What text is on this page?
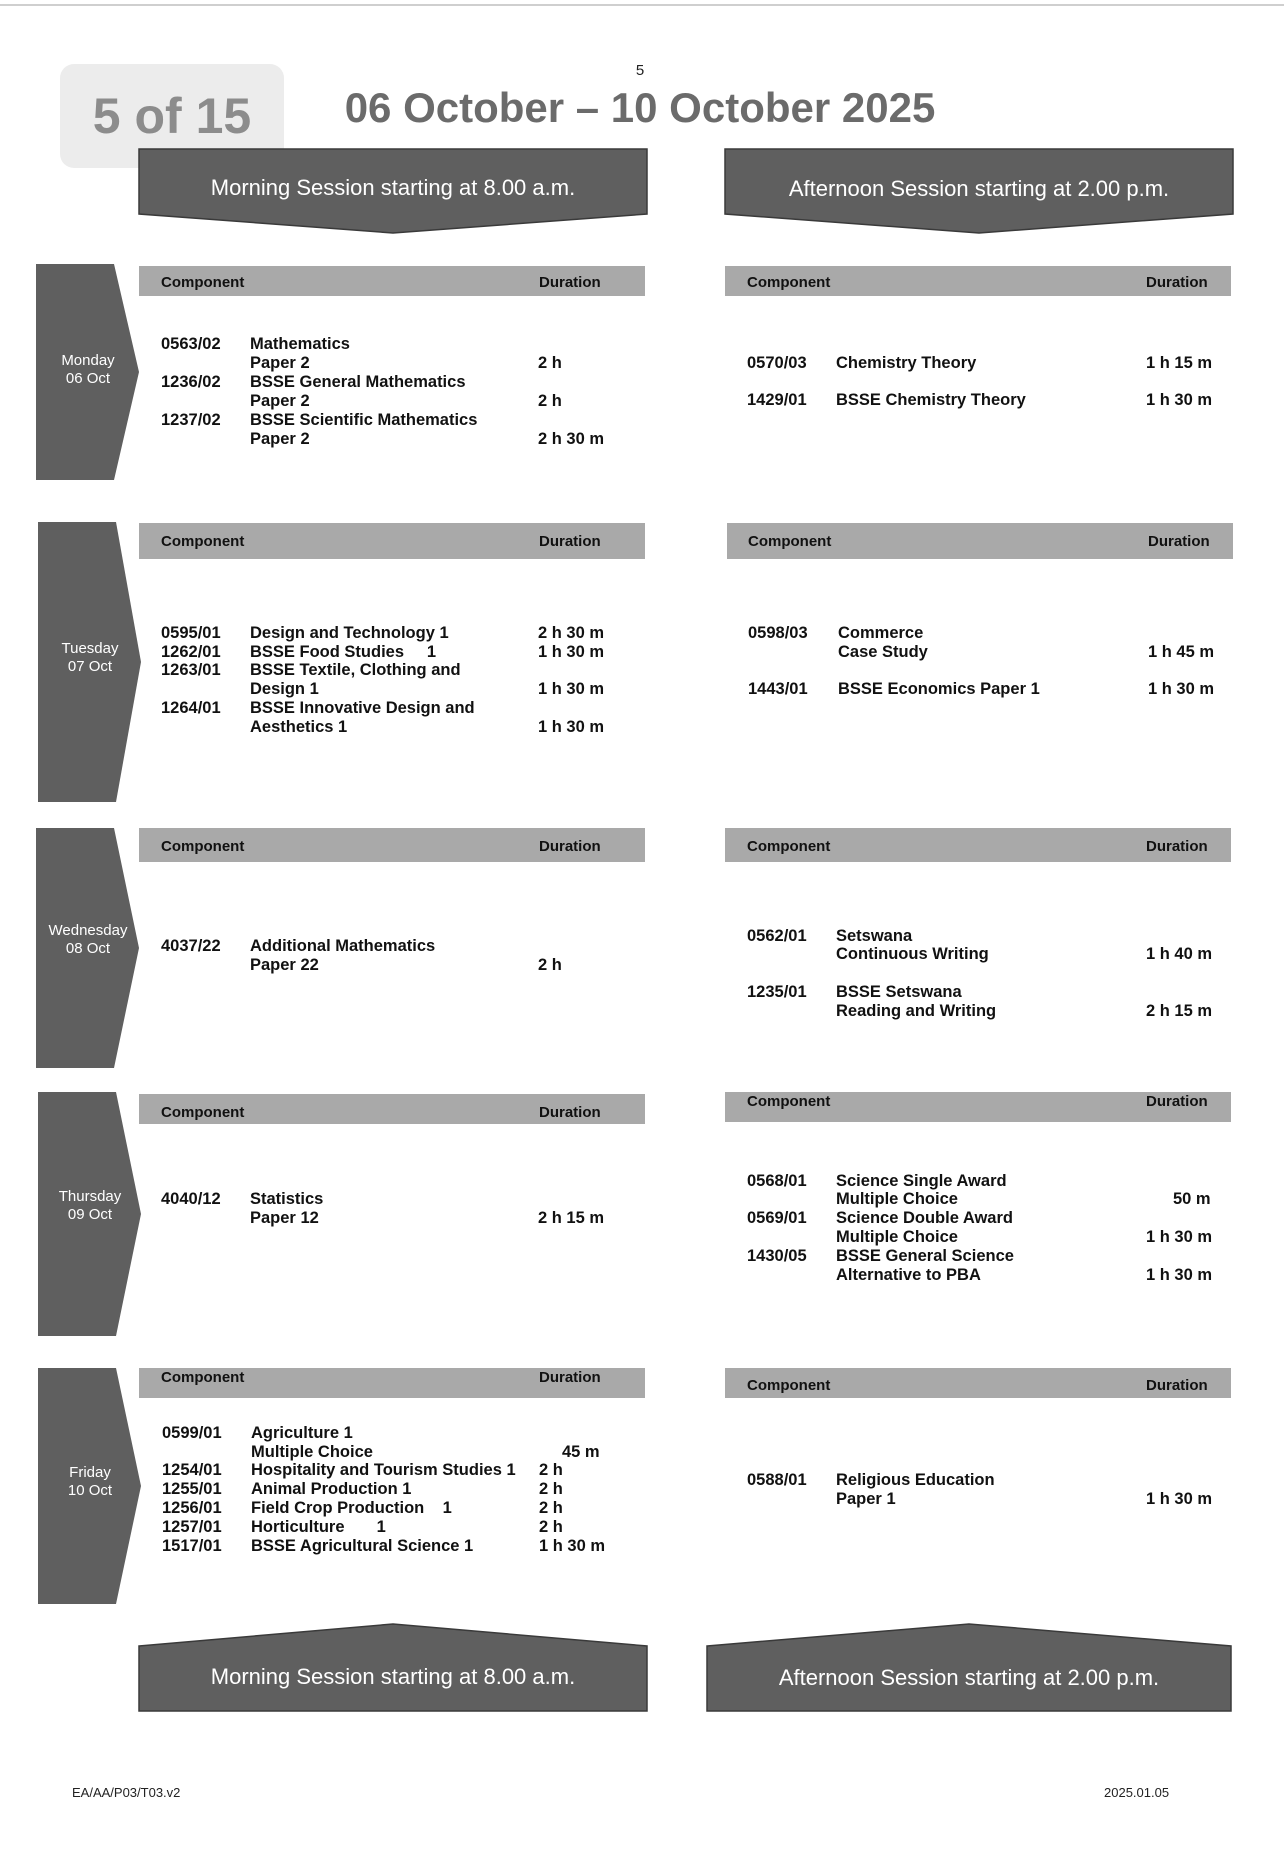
5
5 of 15	06 October – 10 October 2025
Morning Session starting at 8.00 a.m.	Afternoon Session starting at 2.00 p.m.
Monday
06 Oct
Tuesday
07 Oct
Wednesday
08 Oct
Thursday
09 Oct
Friday
10 Oct
Component	Duration	Component	Duration
0563/02 Mathematics
Paper 2	2 h
1236/02 BSSE General Mathematics
Paper 2	2 h
1237/02 BSSE Scientific Mathematics
Paper 2	2 h 30 m
0570/03 Chemistry Theory	1 h 15 m
1429/01 BSSE Chemistry Theory	1 h 30 m
Component	Duration	Component	Duration
0595/01 Design and Technology 1	2 h 30 m
1262/01 BSSE Food Studies     1	1 h 30 m
1263/01 BSSE Textile, Clothing and
Design 1	1 h 30 m
1264/01 BSSE Innovative Design and
Aesthetics 1	1 h 30 m
0598/03 Commerce
Case Study	1 h 45 m
1443/01 BSSE Economics Paper 1	1 h 30 m
Component	Duration	Component	Duration
4037/22 Additional Mathematics
Paper 22	2 h
0562/01 Setswana
Continuous Writing	1 h 40 m
1235/01 BSSE Setswana
Reading and Writing	2 h 15 m
Component	Duration
Component	Duration
4040/12 Statistics
Paper 12	2 h 15 m
0568/01 Science Single Award
Multiple Choice	50 m
0569/01 Science Double Award
Multiple Choice	1 h 30 m
1430/05 BSSE General Science
Alternative to PBA	1 h 30 m
Component	Duration	Component	Duration
0599/01 Agriculture 1
Multiple Choice	45 m
1254/01 Hospitality and Tourism Studies 1 2 h
1255/01 Animal Production 1	2 h
1256/01 Field Crop Production    1	2 h
1257/01 Horticulture       1	2 h
1517/01 BSSE Agricultural Science 1	1 h 30 m
0588/01 Religious Education
Paper 1	1 h 30 m
Morning Session starting at 8.00 a.m.	Afternoon Session starting at 2.00 p.m.
EA/AA/P03/T03.v2	2025.01.05
